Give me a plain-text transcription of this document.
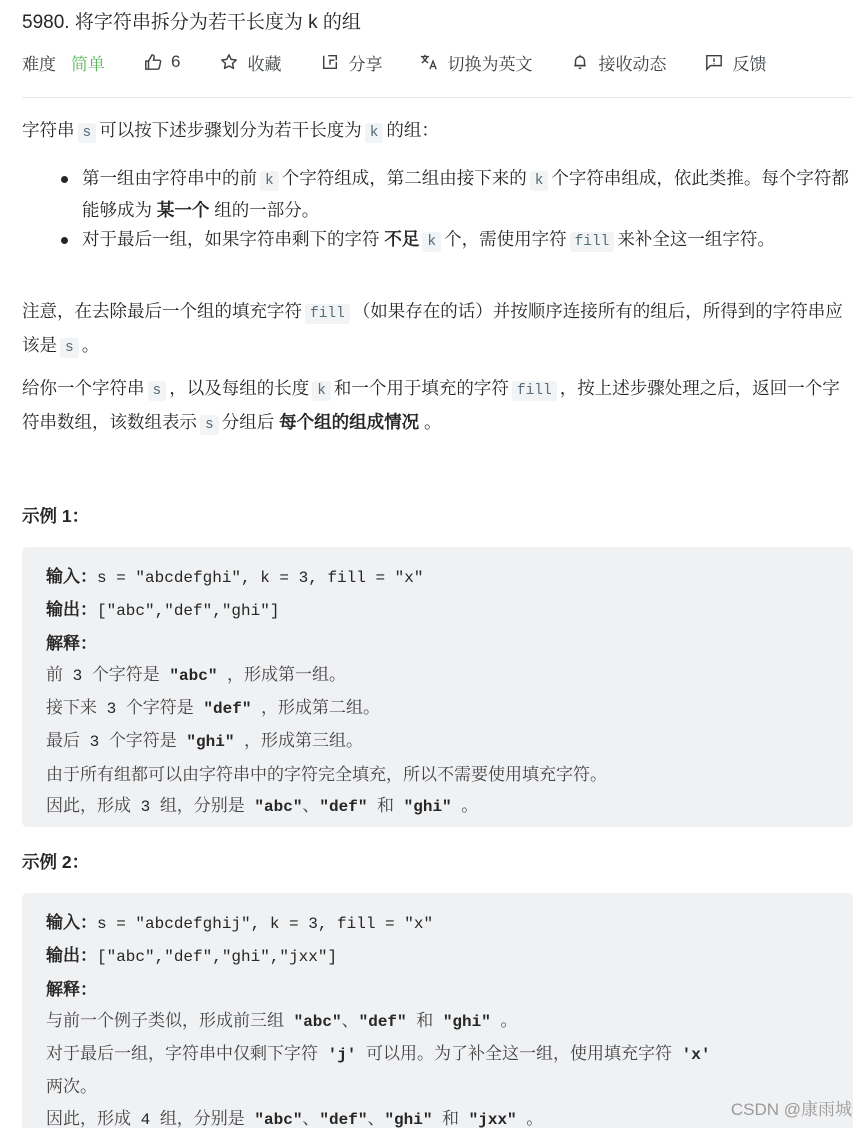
5980. 将字符串拆分为若干长度为 k 的组
难度 简单	6	收藏	分享	切换为英文	接收动态	反馈
字符串 s 可以按下述步骤划分为若干长度为 k 的组：
第一组由字符串中的前 k 个字符组成，第二组由接下来的 k 个字符串组成，依此类推。每个字符都能够成为 某一个 组的一部分。
对于最后一组，如果字符串剩下的字符 不足 k 个，需使用字符 fill 来补全这一组字符。
注意，在去除最后一个组的填充字符 fill （如果存在的话）并按顺序连接所有的组后，所得到的字符串应该是 s 。
给你一个字符串 s ，以及每组的长度 k 和一个用于填充的字符 fill ，按上述步骤处理之后，返回一个字符串数组，该数组表示 s 分组后 每个组的组成情况 。
示例 1：
输入：s = "abcdefghi", k = 3, fill = "x"
输出：["abc","def","ghi"]
解释：
前 3 个字符是 "abc" ，形成第一组。
接下来 3 个字符是 "def" ，形成第二组。
最后 3 个字符是 "ghi" ，形成第三组。
由于所有组都可以由字符串中的字符完全填充，所以不需要使用填充字符。
因此，形成 3 组，分别是 "abc"、"def" 和 "ghi" 。
示例 2：
输入：s = "abcdefghij", k = 3, fill = "x"
输出：["abc","def","ghi","jxx"]
解释：
与前一个例子类似，形成前三组 "abc"、"def" 和 "ghi" 。
对于最后一组，字符串中仅剩下字符 'j' 可以用。为了补全这一组，使用填充字符 'x'
两次。
因此，形成 4 组，分别是 "abc"、"def"、"ghi" 和 "jxx" 。	CSDN @康雨城
